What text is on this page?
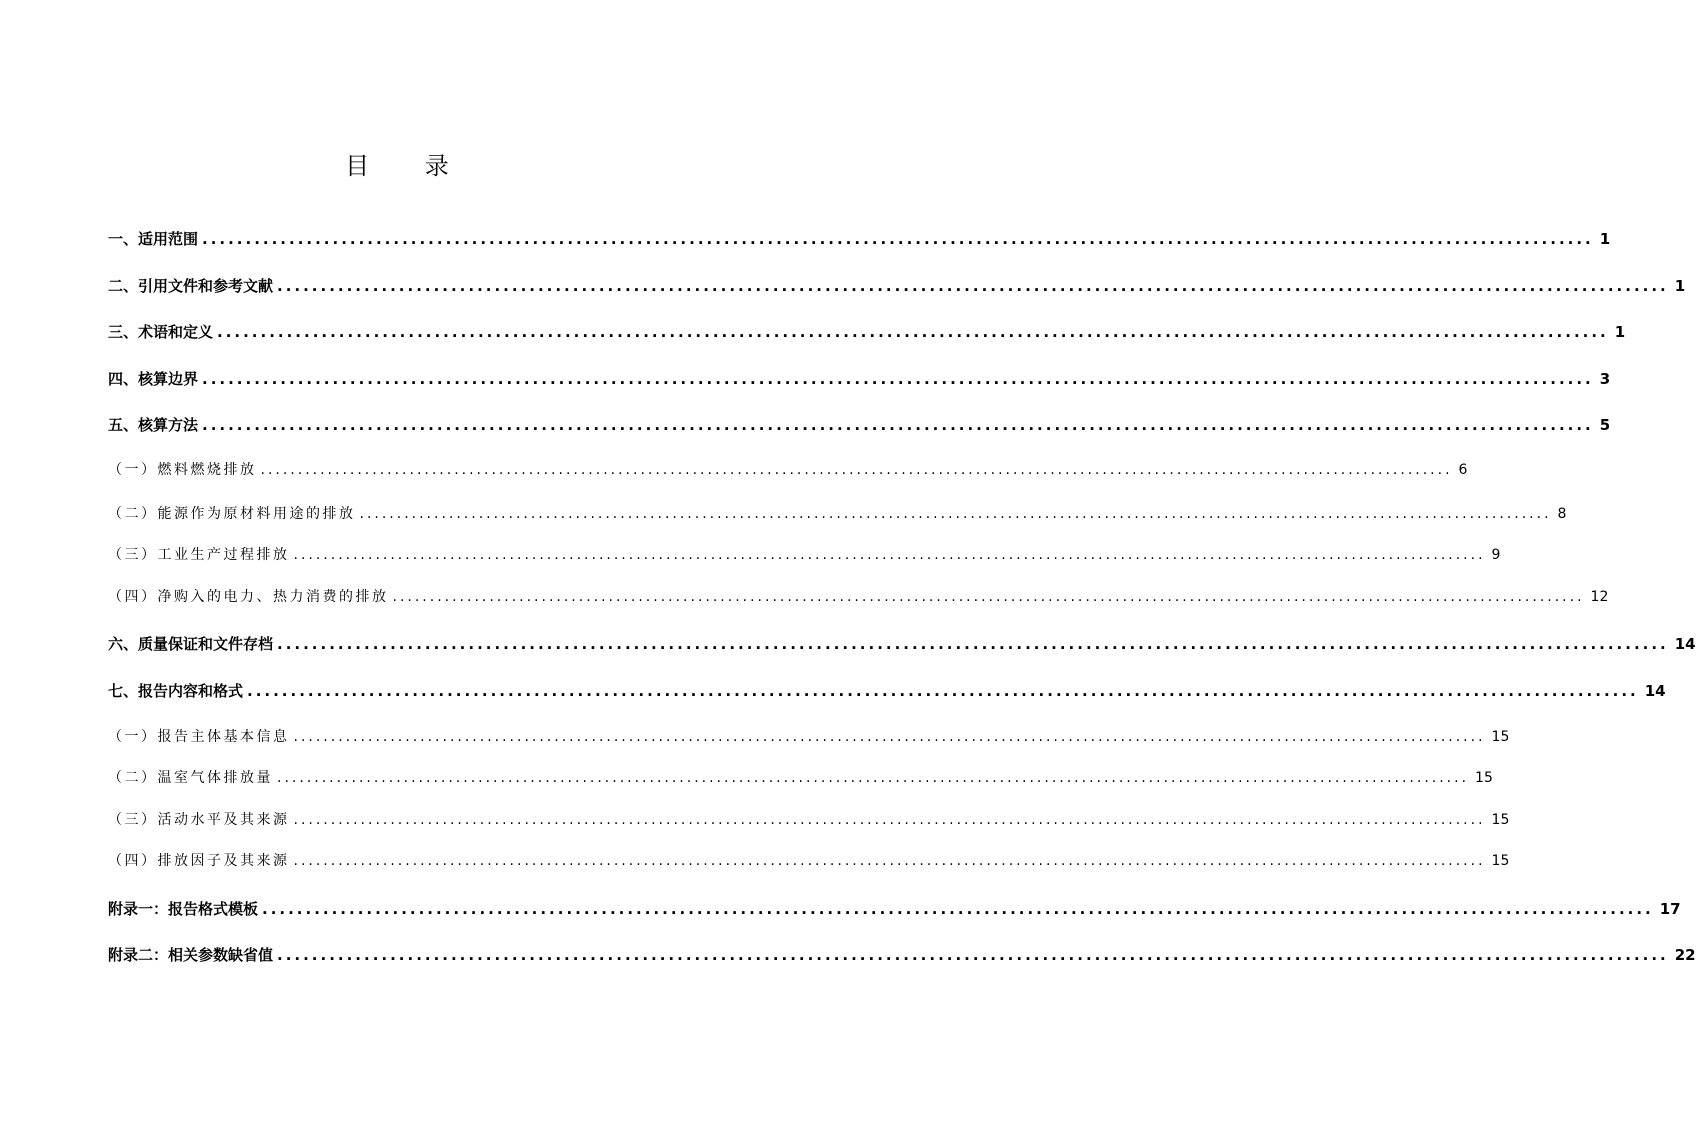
目 录
一、适用范围 ................................................................................................................................................................ 1
二、引用文件和参考文献 ................................................................................................................................................................ 1
三、术语和定义 ................................................................................................................................................................ 1
四、核算边界 ................................................................................................................................................................ 3
五、核算方法 ................................................................................................................................................................ 5
（一）燃料燃烧排放 ................................................................................................................................................................ 6
（二）能源作为原材料用途的排放 ................................................................................................................................................................ 8
（三）工业生产过程排放 ................................................................................................................................................................ 9
（四）净购入的电力、热力消费的排放 ................................................................................................................................................................ 12
六、质量保证和文件存档 ................................................................................................................................................................ 14
七、报告内容和格式 ................................................................................................................................................................ 14
（一）报告主体基本信息 ................................................................................................................................................................ 15
（二）温室气体排放量 ................................................................................................................................................................ 15
（三）活动水平及其来源 ................................................................................................................................................................ 15
（四）排放因子及其来源 ................................................................................................................................................................ 15
附录一：报告格式模板 ................................................................................................................................................................ 17
附录二：相关参数缺省值 ................................................................................................................................................................ 22
